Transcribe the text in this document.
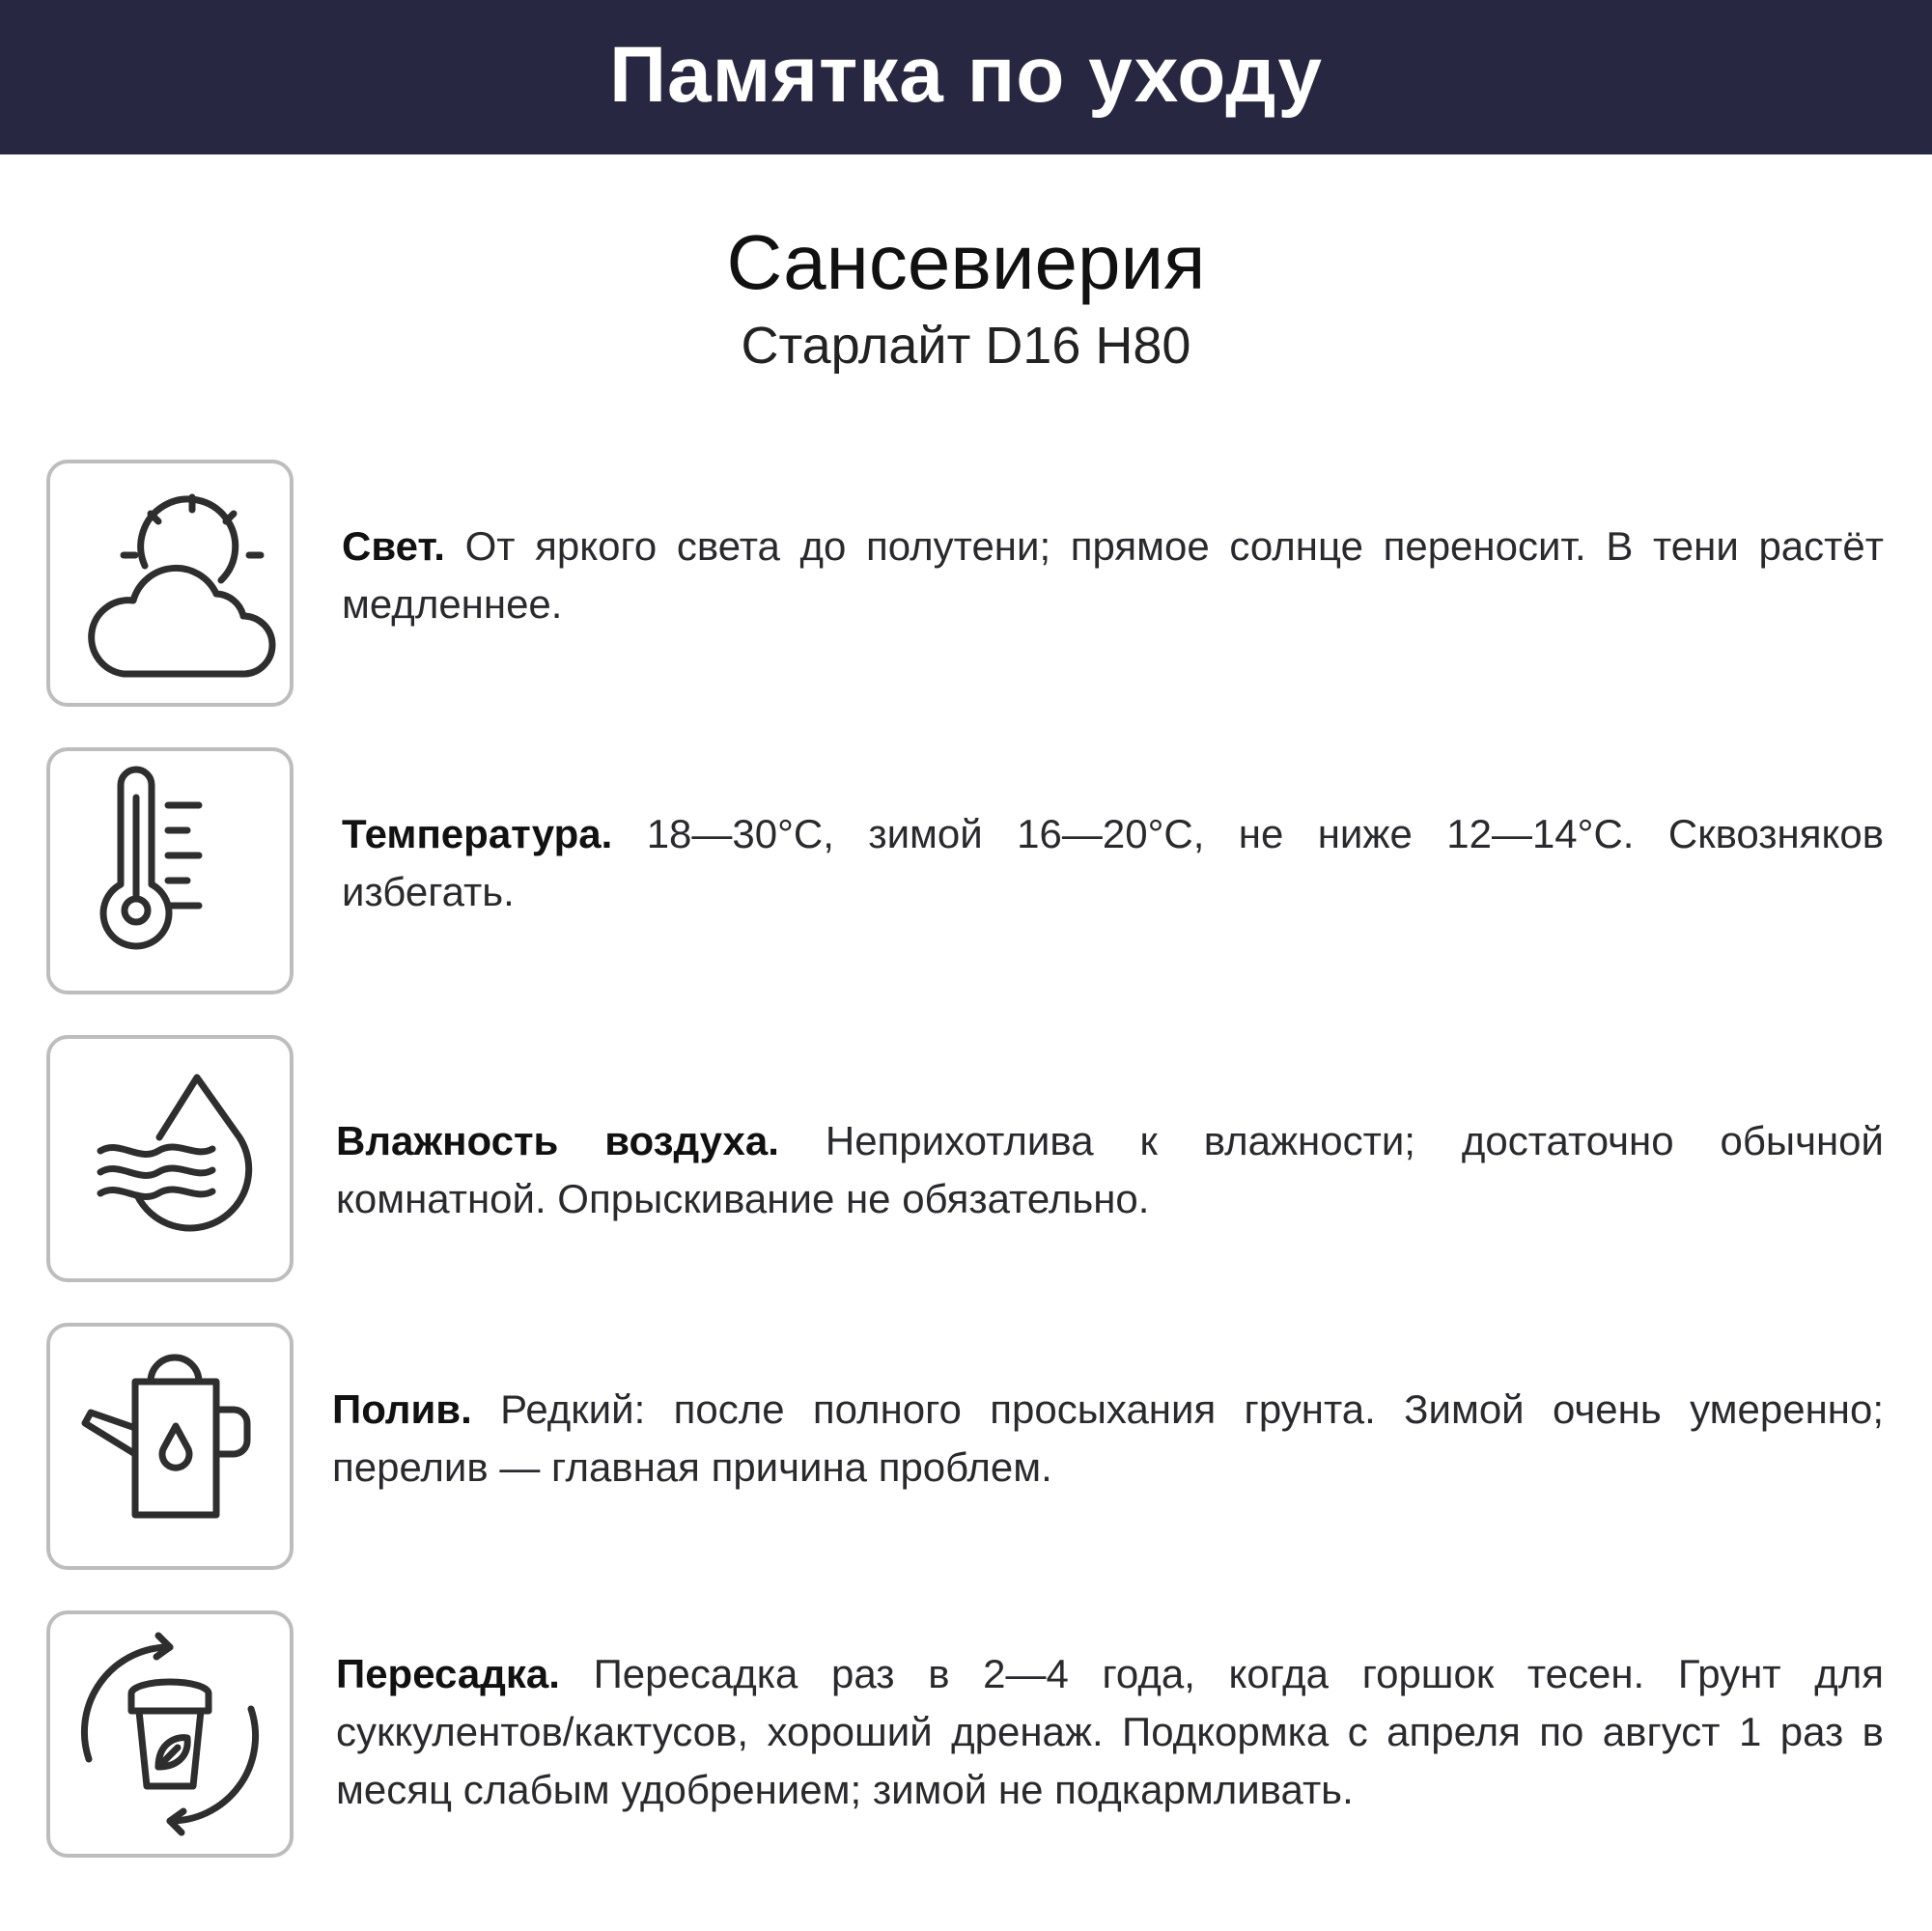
Памятка по уходу
Сансевиерия
Старлайт D16 H80
Свет. От яркого света до полутени; прямое солнце переносит. В тени растёт медленнее.
Температура. 18—30°C, зимой 16—20°C, не ниже 12—14°C. Сквозняков избегать.
Влажность воздуха. Неприхотлива к влажности; достаточно обычной комнатной. Опрыскивание не обязательно.
Полив. Редкий: после полного просыхания грунта. Зимой очень умеренно; перелив — главная причина проблем.
Пересадка. Пересадка раз в 2—4 года, когда горшок тесен. Грунт для суккулентов/кактусов, хороший дренаж. Подкормка с апреля по август 1 раз в месяц слабым удобрением; зимой не подкармливать.
